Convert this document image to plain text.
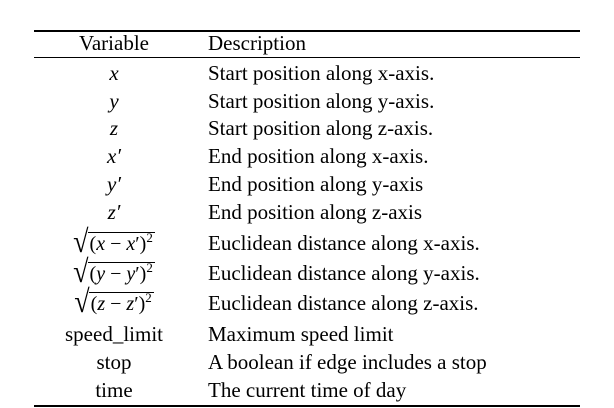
Variable	Description
x	Start position along x-axis.
y	Start position along y-axis.
z	Start position along z-axis.
x′	End position along x-axis.
y′	End position along y-axis
z′	End position along z-axis
√ $(x - x')^2$	Euclidean distance along x-axis.
√ $(y - y')^2$	Euclidean distance along y-axis.
√ $(z - z')^2$	Euclidean distance along z-axis.
speed_limit	Maximum speed limit
stop	A boolean if edge includes a stop
time	The current time of day
